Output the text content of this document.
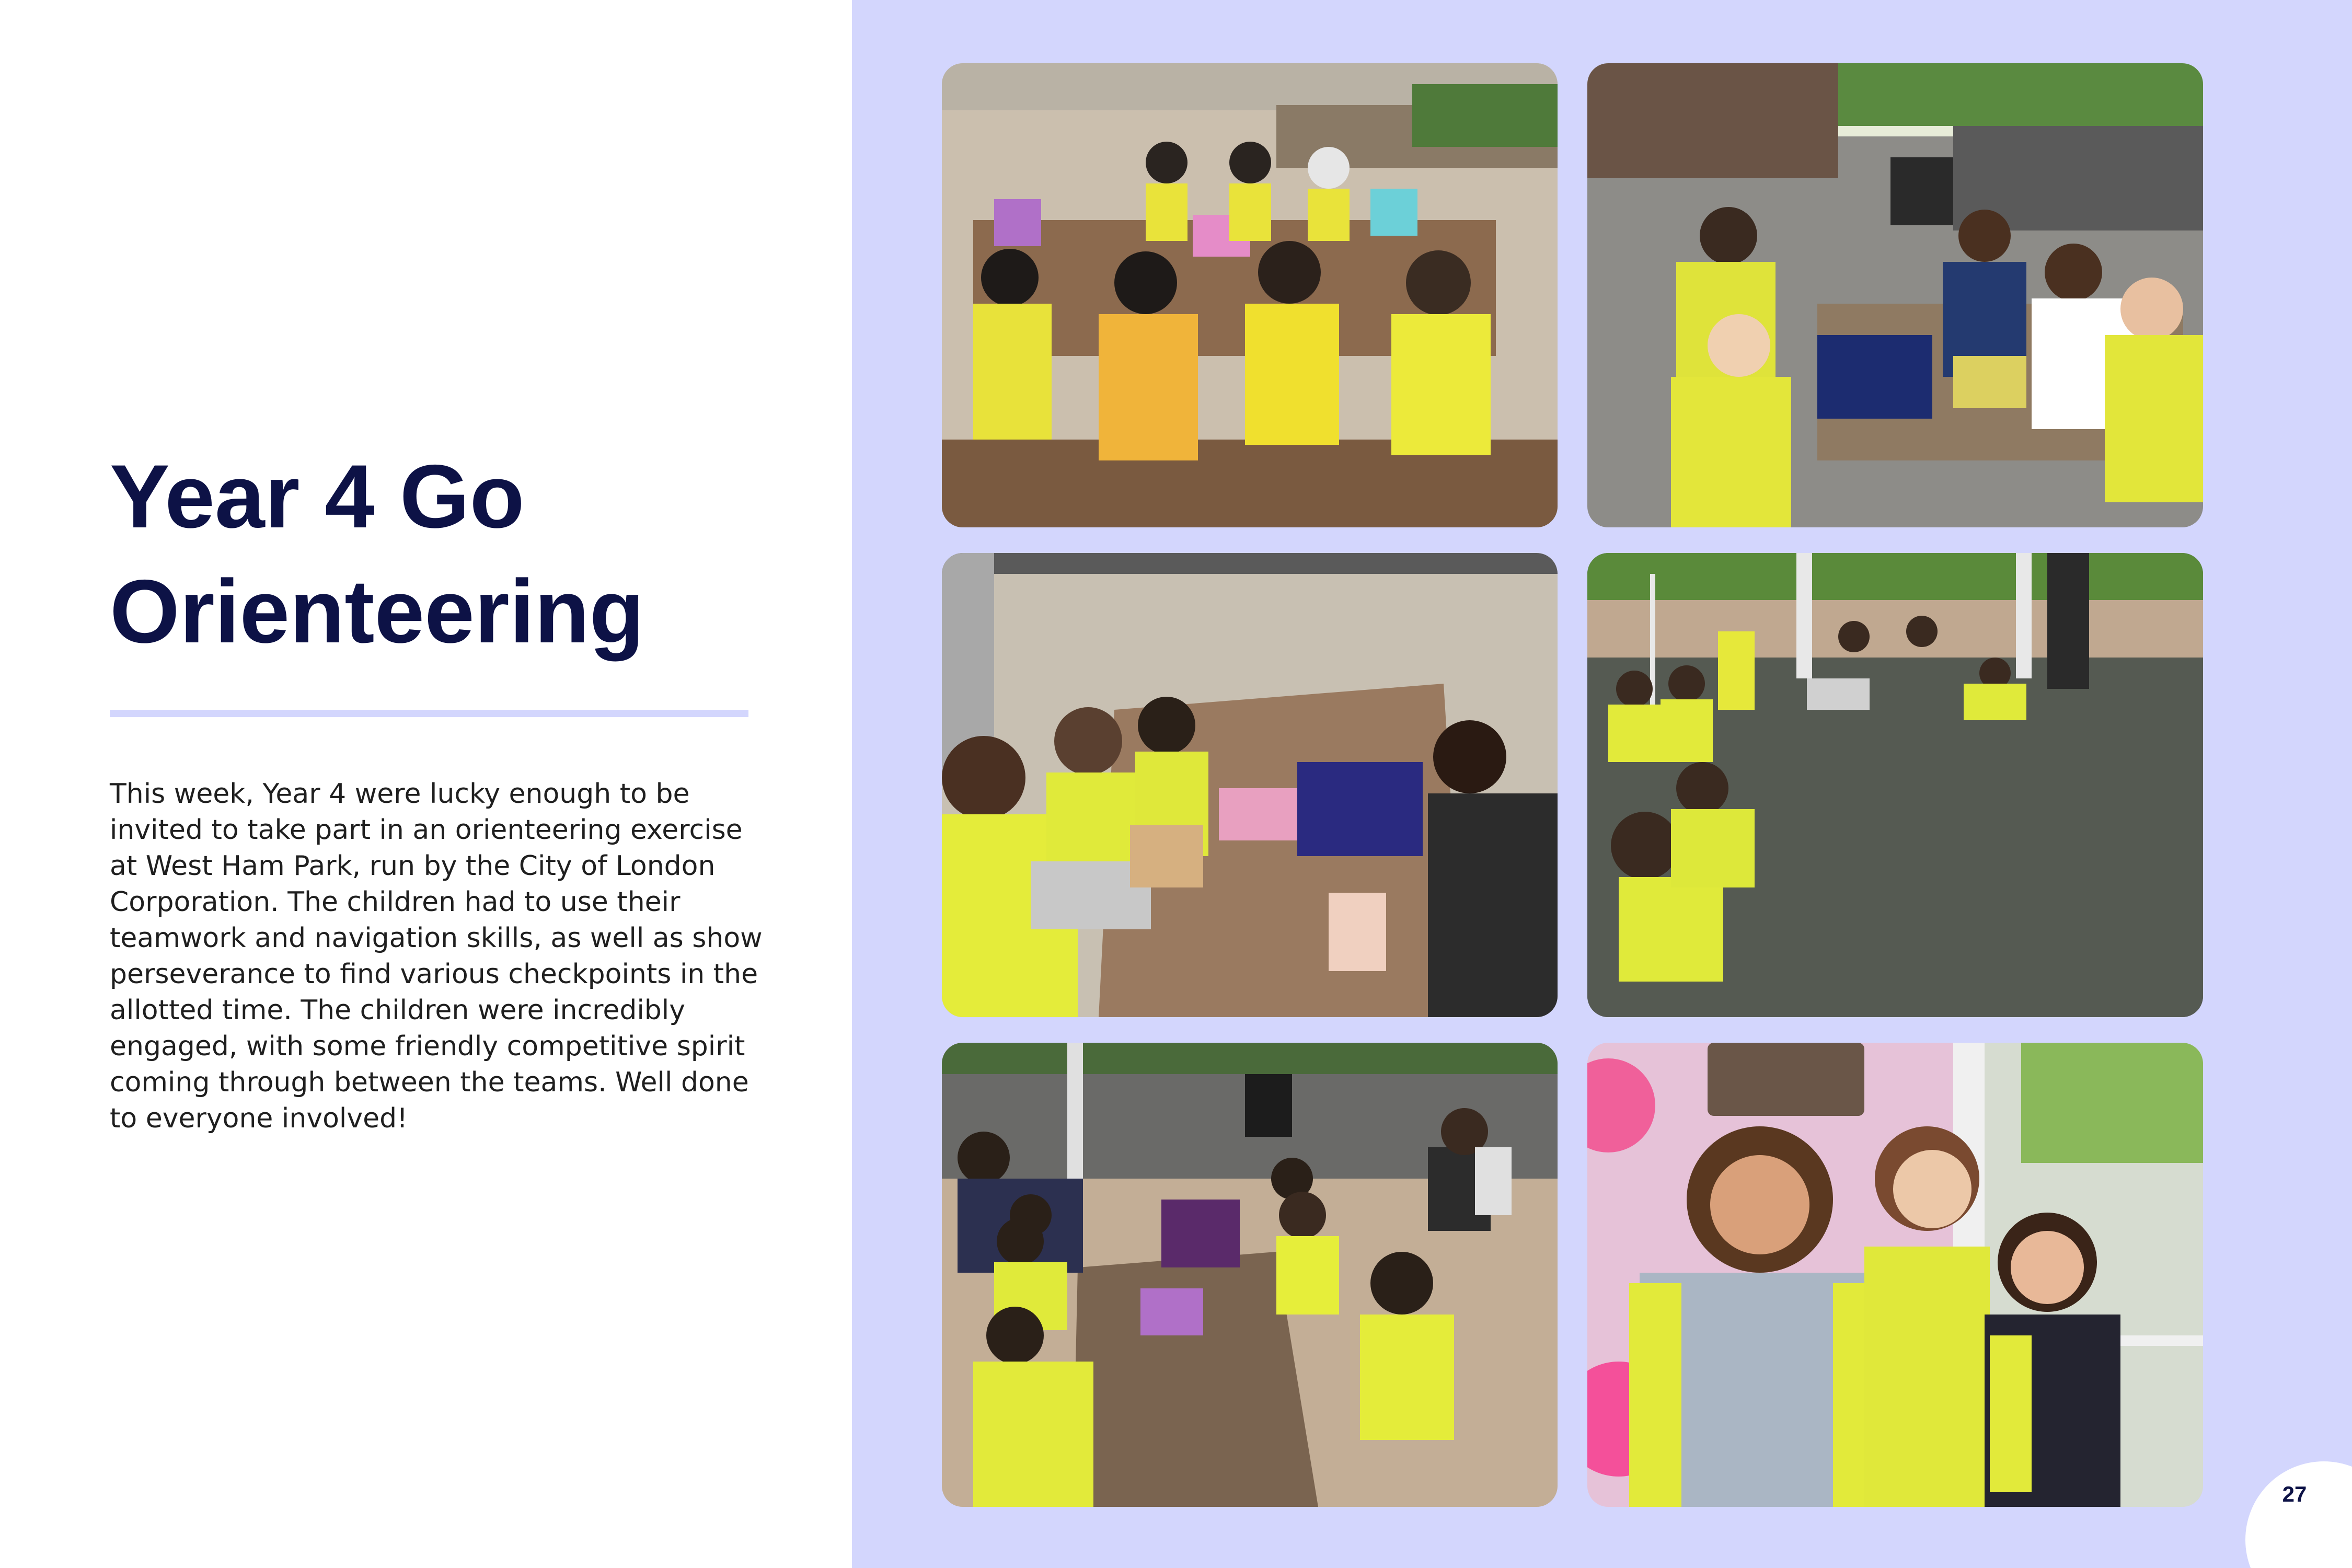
Year 4 Go Orienteering

This week, Year 4 were lucky enough to be invited to take part in an orienteering exercise at West Ham Park, run by the City of London Corporation. The children had to use their teamwork and navigation skills, as well as show perseverance to find various checkpoints in the allotted time. The children were incredibly engaged, with some friendly competitive spirit coming through between the teams. Well done to everyone involved!

27
